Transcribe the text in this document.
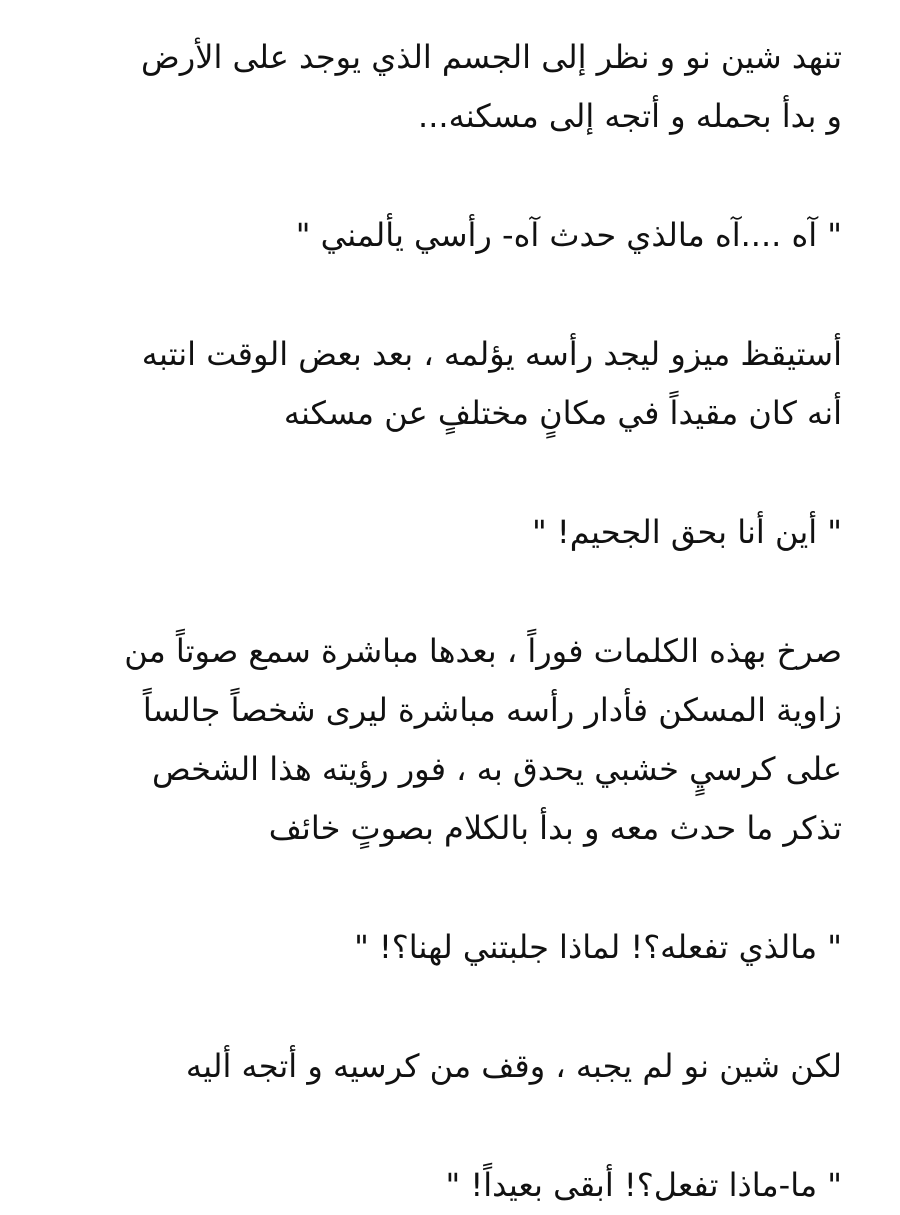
تنهد شين نو و نظر إلى الجسم الذي يوجد على الأرض
و بدأ بحمله و أتجه إلى مسكنه...

" آه ....آه مالذي حدث آه- رأسي يألمني "

أستيقظ ميزو ليجد رأسه يؤلمه ، بعد بعض الوقت انتبه
أنه كان مقيداً في مكانٍ مختلفٍ عن مسكنه

" أين أنا بحق الجحيم! "

صرخ بهذه الكلمات فوراً ، بعدها مباشرة سمع صوتاً من
زاوية المسكن فأدار رأسه مباشرة ليرى شخصاً جالساً
على كرسيٍ خشبي يحدق به ، فور رؤيته هذا الشخص
تذكر ما حدث معه و بدأ بالكلام بصوتٍ خائف

" مالذي تفعله؟! لماذا جلبتني لهنا؟! "

لكن شين نو لم يجبه ، وقف من كرسيه و أتجه أليه

" ما-ماذا تفعل؟! أبقى بعيداً! "
